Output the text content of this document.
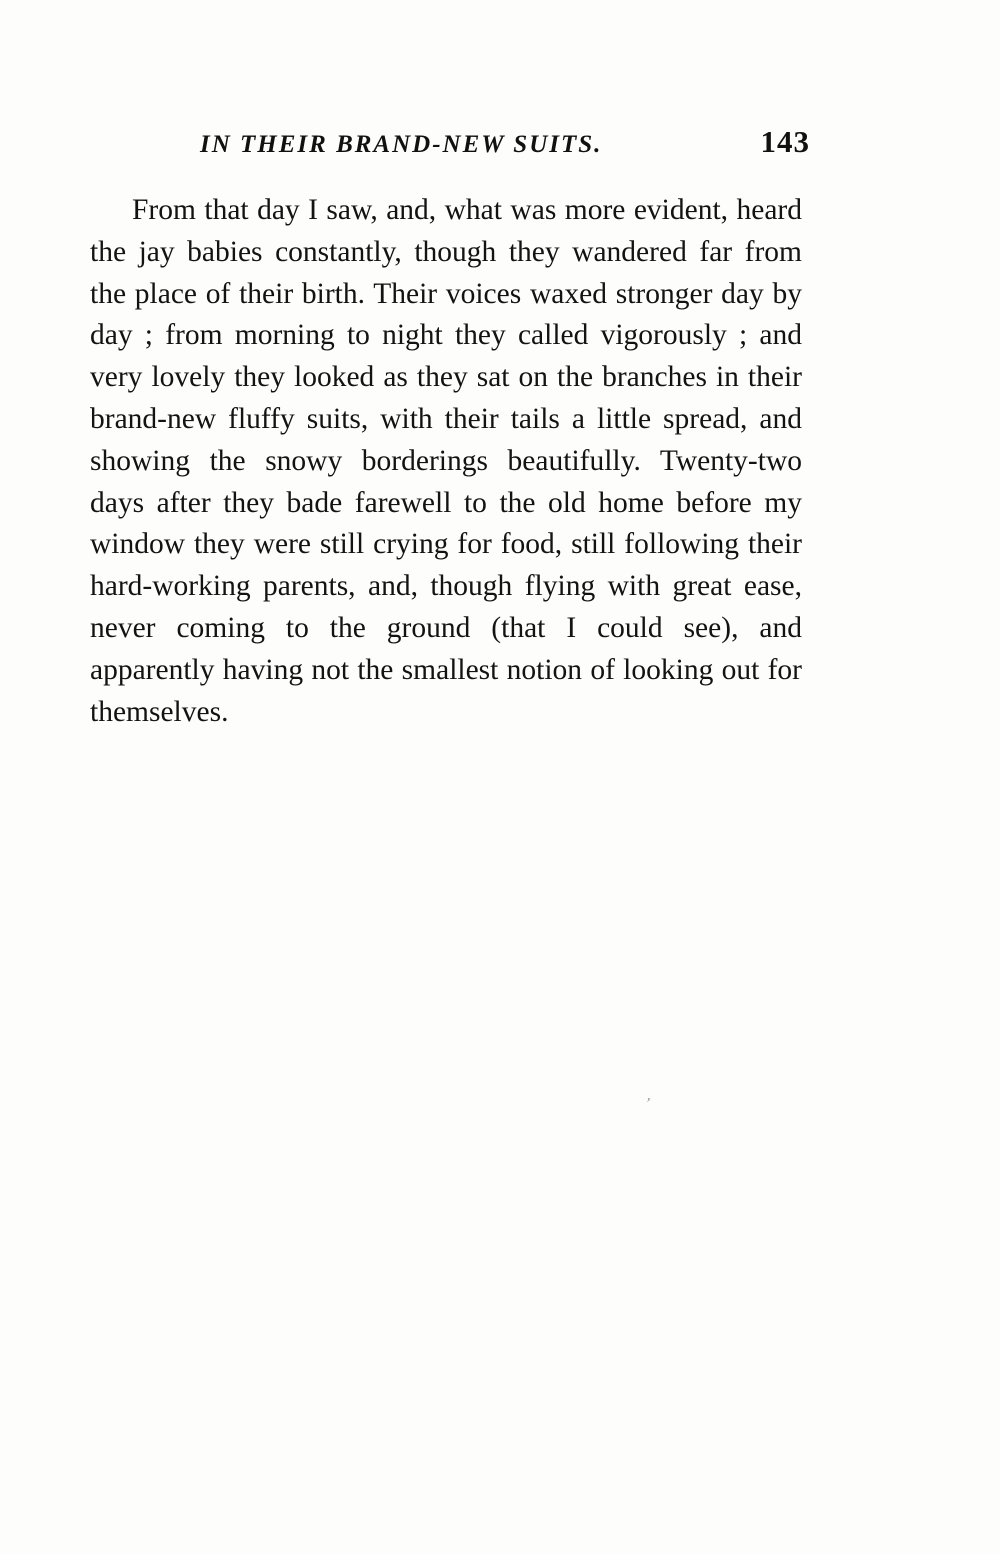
IN THEIR BRAND-NEW SUITS.	143

From that day I saw, and, what was more evident, heard the jay babies constantly, though they wandered far from the place of their birth. Their voices waxed stronger day by day ; from morning to night they called vigorously ; and very lovely they looked as they sat on the branches in their brand-new fluffy suits, with their tails a little spread, and showing the snowy borderings beautifully. Twenty-two days after they bade farewell to the old home before my window they were still crying for food, still following their hard-working parents, and, though flying with great ease, never coming to the ground (that I could see), and apparently having not the smallest notion of looking out for themselves.

’
